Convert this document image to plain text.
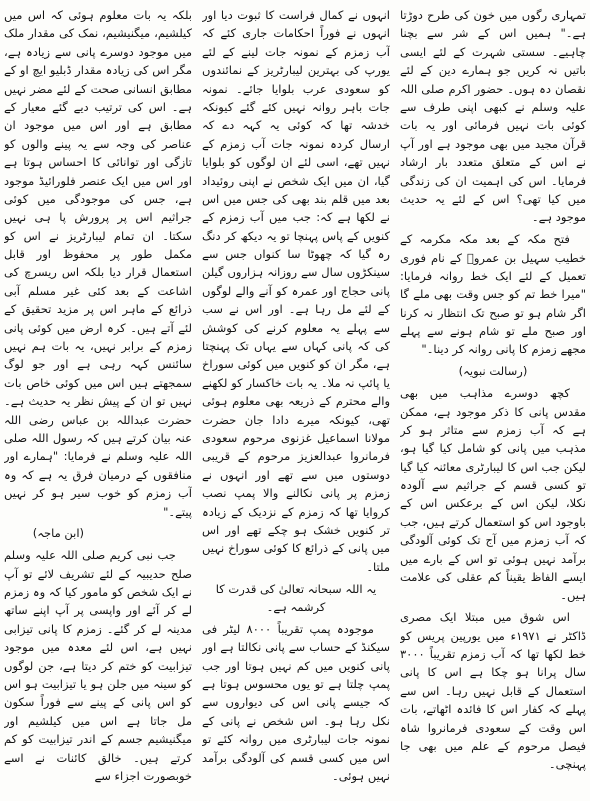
تمہاری رگوں میں خون کی طرح دوڑتا ہے۔" ہمیں اس کے شر سے بچنا چاہیے۔ سستی شہرت کے لئے ایسی باتیں نہ کریں جو ہمارے دین کے لئے نقصان دہ ہوں۔ حضور اکرم صلی اللہ علیہ وسلم نے کبھی اپنی طرف سے کوئی بات نہیں فرمائی اور یہ بات قرآن مجید میں بھی موجود ہے اور آپ نے اس کے متعلق متعدد بار ارشاد فرمایا۔ اس کی اہمیت ان کی زندگی میں کیا تھی؟ اس کے لئے یہ حدیث موجود ہے۔

فتح مکہ کے بعد مکہ مکرمہ کے خطیب سہیل بن عمروؓ کے نام فوری تعمیل کے لئے ایک خط روانہ فرمایا: "میرا خط تم کو جس وقت بھی ملے گا اگر شام ہو تو صبح تک انتظار نہ کرنا اور صبح ملے تو شام ہونے سے پہلے مجھے زمزم کا پانی روانہ کر دینا۔"

(رسالت نبویہ)

کچھ دوسرے مذاہب میں بھی مقدس پانی کا ذکر موجود ہے، ممکن ہے کہ آب زمزم سے متاثر ہو کر مذہب میں پانی کو شامل کیا گیا ہو، لیکن جب اس کا لیبارٹری معائنہ کیا گیا تو کسی قسم کے جراثیم سے آلودہ نکلا، لیکن اس کے برعکس اس کے باوجود اس کو استعمال کرتے ہیں، جب کہ آب زمزم میں آج تک کوئی آلودگی برآمد نہیں ہوئی تو اس کے بارے میں ایسے الفاظ یقیناً کم عقلی کی علامت ہیں۔

اس شوق میں مبتلا ایک مصری ڈاکٹر نے ۱۹۷۱ء میں یورپین پریس کو خط لکھا تھا کہ آب زمزم تقریباً ۳۰۰۰ سال پرانا ہو چکا ہے اس کا پانی استعمال کے قابل نہیں رہا۔ اس سے پہلے کہ کفار اس کا فائدہ اٹھاتے، بات اس وقت کے سعودی فرمانروا شاہ فیصل مرحوم کے علم میں بھی جا پہنچی۔

انہوں نے کمال فراست کا ثبوت دیا اور انہوں نے فوراً احکامات جاری کئے کہ آب زمزم کے نمونہ جات لینے کے لئے یورپ کی بہترین لیبارٹریز کے نمائندوں کو سعودی عرب بلوایا جائے۔ نمونہ جات باہر روانہ نہیں کئے گئے کیونکہ خدشہ تھا کہ کوئی یہ کہہ دے کہ ارسال کردہ نمونہ جات آب زمزم کے نہیں تھے، اسی لئے ان لوگوں کو بلوایا گیا، ان میں ایک شخص نے اپنی روئیداد بعد میں قلم بند بھی کی جس میں اس نے لکھا ہے کہ: جب میں آب زمزم کے کنویں کے پاس پہنچا تو یہ دیکھ کر دنگ رہ گیا کہ چھوٹا سا کنواں جس سے سینکڑوں سال سے روزانہ ہزاروں گیلن پانی حجاج اور عمرہ کو آنے والے لوگوں کے لئے مل رہا ہے۔ اور اس نے سب سے پہلے یہ معلوم کرنے کی کوشش کی کہ پانی کہاں سے یہاں تک پہنچتا ہے، مگر ان کو کنویں میں کوئی سوراخ یا پائپ نہ ملا۔ یہ بات خاکسار کو لکھنے والے محترم کے ذریعہ بھی معلوم ہوئی تھی، کیونکہ میرے دادا جان حضرت مولانا اسماعیل غزنوی مرحوم سعودی فرمانروا عبدالعزیز مرحوم کے قریبی دوستوں میں سے تھے اور انہوں نے زمزم پر پانی نکالنے والا پمپ نصب کروایا تھا کہ زمزم کے نزدیک کے زیادہ تر کنویں خشک ہو چکے تھے اور اس میں پانی کے ذرائع کا کوئی سوراخ نہیں ملتا۔

یہ اللہ سبحانہ تعالیٰ کی قدرت کا کرشمہ ہے۔

موجودہ پمپ تقریباً ۸۰۰۰ لیٹر فی سیکنڈ کے حساب سے پانی نکالتا ہے اور پانی کنویں میں کم نہیں ہوتا اور جب پمپ چلتا ہے تو یوں محسوس ہوتا ہے کہ جیسے پانی اس کی دیواروں سے نکل رہا ہو۔ اس شخص نے پانی کے نمونہ جات لیبارٹری میں روانہ کئے تو اس میں کسی قسم کی آلودگی برآمد نہیں ہوئی۔

بلکہ یہ بات معلوم ہوئی کہ اس میں کیلشیم، میگنیشیم، نمک کی مقدار ملک میں موجود دوسرے پانی سے زیادہ ہے، مگر اس کی زیادہ مقدار ڈبلیو ایچ او کے مطابق انسانی صحت کے لئے مضر نہیں ہے۔ اس کی ترتیب دیے گئے معیار کے مطابق ہے اور اس میں موجود ان عناصر کی وجہ سے یہ پینے والوں کو تازگی اور توانائی کا احساس ہوتا ہے اور اس میں ایک عنصر فلورائیڈ موجود ہے، جس کی موجودگی میں کوئی جراثیم اس پر پرورش پا ہی نہیں سکتا۔ ان تمام لیبارٹریز نے اس کو مکمل طور پر محفوظ اور قابل استعمال قرار دیا بلکہ اس ریسرچ کی اشاعت کے بعد کئی غیر مسلم آبی ذرائع کے ماہر اس پر مزید تحقیق کے لئے آتے ہیں۔ کرہ ارض میں کوئی پانی زمزم کے برابر نہیں، یہ بات ہم نہیں سائنس کہہ رہی ہے اور جو لوگ سمجھتے ہیں اس میں کوئی خاص بات نہیں تو ان کے پیش نظر یہ حدیث ہے۔ حضرت عبداللہ بن عباس رضی اللہ عنہ بیان کرتے ہیں کہ رسول اللہ صلی اللہ علیہ وسلم نے فرمایا: "ہمارے اور منافقوں کے درمیان فرق یہ ہے کہ وہ آب زمزم کو خوب سیر ہو کر نہیں پیتے۔"

(ابن ماجہ)

جب نبی کریم صلی اللہ علیہ وسلم صلح حدیبیہ کے لئے تشریف لائے تو آپ نے ایک شخص کو مامور کیا کہ وہ زمزم لے کر آئے اور واپسی پر آپ اپنے ساتھ مدینہ لے کر گئے۔ زمزم کا پانی تیزابی نہیں ہے، اس لئے معدہ میں موجود تیزابیت کو ختم کر دیتا ہے، جن لوگوں کو سینہ میں جلن ہو یا تیزابیت ہو اس کو اس پانی کے پینے سے فوراً سکون مل جاتا ہے اس میں کیلشیم اور میگنیشیم جسم کے اندر تیزابیت کو کم کرتے ہیں۔ خالق کائنات نے اسے خوبصورت اجزاء سے
